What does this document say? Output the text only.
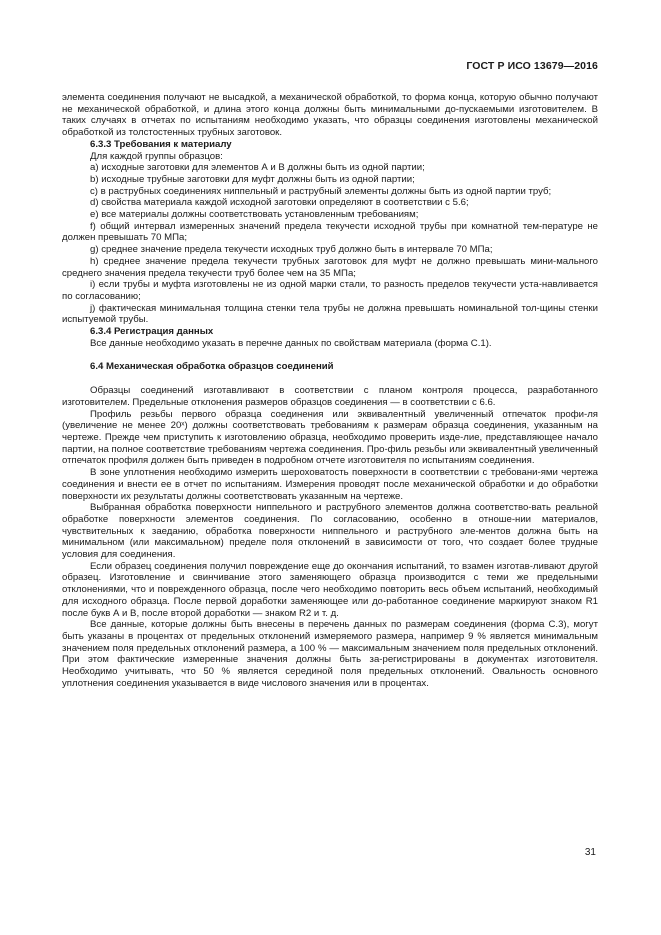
ГОСТ Р ИСО 13679—2016

элемента соединения получают не высадкой, а механической обработкой, то форма конца, которую обычно получают не механической обработкой, и длина этого конца должны быть минимальными до-пускаемыми изготовителем. В таких случаях в отчетах по испытаниям необходимо указать, что образцы соединения изготовлены механической обработкой из толстостенных трубных заготовок.

6.3.3 Требования к материалу

Для каждой группы образцов:

а) исходные заготовки для элементов А и В должны быть из одной партии;

b) исходные трубные заготовки для муфт должны быть из одной партии;

с) в раструбных соединениях ниппельный и раструбный элементы должны быть из одной партии труб;

d) свойства материала каждой исходной заготовки определяют в соответствии с 5.6;

е) все материалы должны соответствовать установленным требованиям;

f) общий интервал измеренных значений предела текучести исходной трубы при комнатной тем-пературе не должен превышать 70 МПа;

g) среднее значение предела текучести исходных труб должно быть в интервале 70 МПа;

h) среднее значение предела текучести трубных заготовок для муфт не должно превышать мини-мального среднего значения предела текучести труб более чем на 35 МПа;

i) если трубы и муфта изготовлены не из одной марки стали, то разность пределов текучести уста-навливается по согласованию;

j) фактическая минимальная толщина стенки тела трубы не должна превышать номинальной тол-щины стенки испытуемой трубы.

6.3.4 Регистрация данных

Все данные необходимо указать в перечне данных по свойствам материала (форма С.1).

6.4 Механическая обработка образцов соединений

Образцы соединений изготавливают в соответствии с планом контроля процесса, разработанного изготовителем. Предельные отклонения размеров образцов соединения — в соответствии с 6.6.

Профиль резьбы первого образца соединения или эквивалентный увеличенный отпечаток профи-ля (увеличение не менее 20ˣ) должны соответствовать требованиям к размерам образца соединения, указанным на чертеже. Прежде чем приступить к изготовлению образца, необходимо проверить изде-лие, представляющее начало партии, на полное соответствие требованиям чертежа соединения. Про-филь резьбы или эквивалентный увеличенный отпечаток профиля должен быть приведен в подробном отчете изготовителя по испытаниям соединения.

В зоне уплотнения необходимо измерить шероховатость поверхности в соответствии с требовани-ями чертежа соединения и внести ее в отчет по испытаниям. Измерения проводят после механической обработки и до обработки поверхности их результаты должны соответствовать указанным на чертеже.

Выбранная обработка поверхности ниппельного и раструбного элементов должна соответство-вать реальной обработке поверхности элементов соединения. По согласованию, особенно в отноше-нии материалов, чувствительных к заеданию, обработка поверхности ниппельного и раструбного эле-ментов должна быть на минимальном (или максимальном) пределе поля отклонений в зависимости от того, что создает более трудные условия для соединения.

Если образец соединения получил повреждение еще до окончания испытаний, то взамен изготав-ливают другой образец. Изготовление и свинчивание этого заменяющего образца производится с теми же предельными отклонениями, что и поврежденного образца, после чего необходимо повторить весь объем испытаний, необходимый для исходного образца. После первой доработки заменяющее или до-работанное соединение маркируют знаком R1 после букв А и В, после второй доработки — знаком R2 и т. д.

Все данные, которые должны быть внесены в перечень данных по размерам соединения (форма С.3), могут быть указаны в процентах от предельных отклонений измеряемого размера, например 9 % является минимальным значением поля предельных отклонений размера, а 100 % — максимальным значением поля предельных отклонений. При этом фактические измеренные значения должны быть за-регистрированы в документах изготовителя. Необходимо учитывать, что 50 % является серединой поля предельных отклонений. Овальность основного уплотнения соединения указывается в виде числового значения или в процентах.

31
